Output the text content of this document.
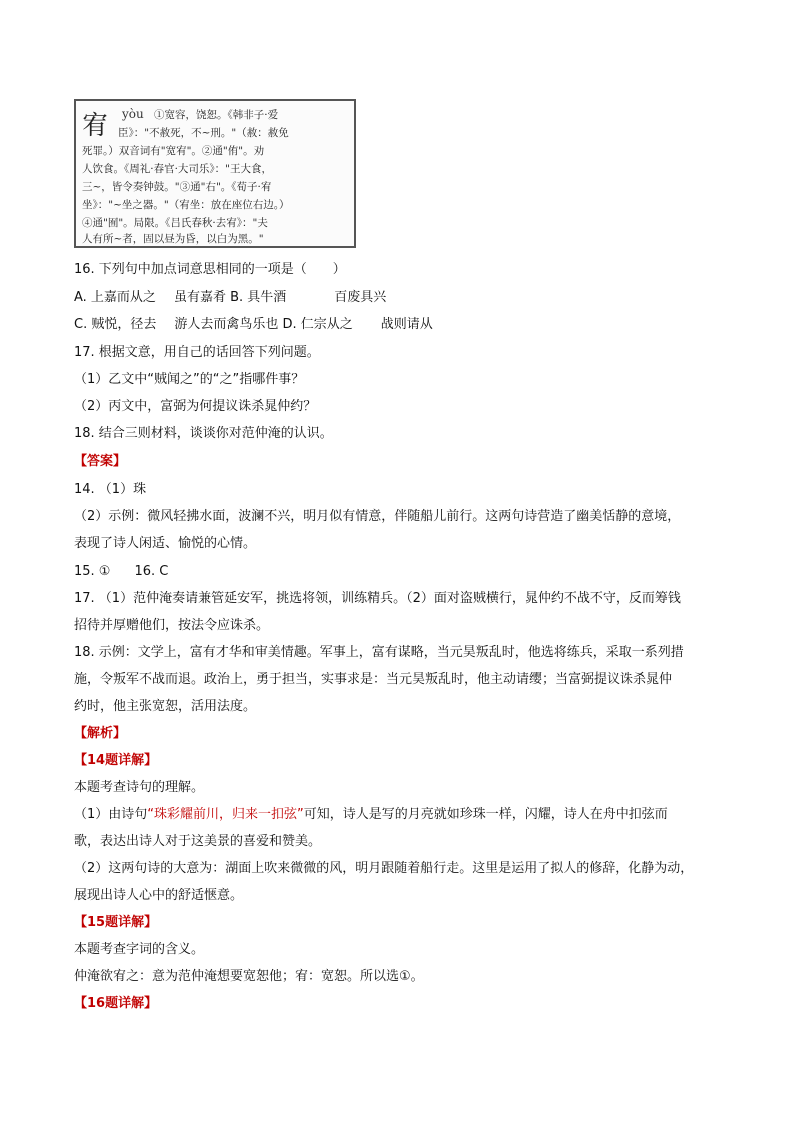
宥 yòu ①宽容，饶恕。《韩非子·爱
臣》："不赦死，不~刑。"（赦：赦免
死罪。）双音词有"宽宥"。②通"侑"。劝
人饮食。《周礼·春官·大司乐》："王大食，
三~，皆令奏钟鼓。"③通"右"。《荀子·宥
坐》："~坐之器。"（宥坐：放在座位右边。）
④通"囿"。局限。《吕氏春秋·去宥》："夫
人有所~者，固以昼为昏，以白为黑。"
16. 下列句中加点词意思相同的一项是（　　）
A. 上嘉而从之 虽有嘉肴 B. 具牛酒	百废具兴
C. 贼悦，径去 游人去而禽鸟乐也 D. 仁宗从之 战则请从
17. 根据文意，用自己的话回答下列问题。
（1）乙文中“贼闻之”的“之”指哪件事？
（2）丙文中，富弼为何提议诛杀晁仲约？
18. 结合三则材料，谈谈你对范仲淹的认识。
【答案】
14. （1）珠
（2）示例：微风轻拂水面，波澜不兴，明月似有情意，伴随船儿前行。这两句诗营造了幽美恬静的意境，
表现了诗人闲适、愉悦的心情。
15. ① 16. C
17. （1）范仲淹奏请兼管延安军，挑选将领，训练精兵。（2）面对盗贼横行，晁仲约不战不守，反而筹钱
招待并厚赠他们，按法令应诛杀。
18. 示例：文学上，富有才华和审美情趣。军事上，富有谋略，当元昊叛乱时，他选将练兵，采取一系列措
施，令叛军不战而退。政治上，勇于担当，实事求是：当元昊叛乱时，他主动请缨；当富弼提议诛杀晁仲
约时，他主张宽恕，活用法度。
【解析】
【14题详解】
本题考查诗句的理解。
（1）由诗句“珠彩耀前川，归来一扣弦”可知，诗人是写的月亮就如珍珠一样，闪耀，诗人在舟中扣弦而
歌，表达出诗人对于这美景的喜爱和赞美。
（2）这两句诗的大意为：湖面上吹来微微的风，明月跟随着船行走。这里是运用了拟人的修辞，化静为动，
展现出诗人心中的舒适惬意。
【15题详解】
本题考查字词的含义。
仲淹欲宥之：意为范仲淹想要宽恕他；宥：宽恕。所以选①。
【16题详解】
